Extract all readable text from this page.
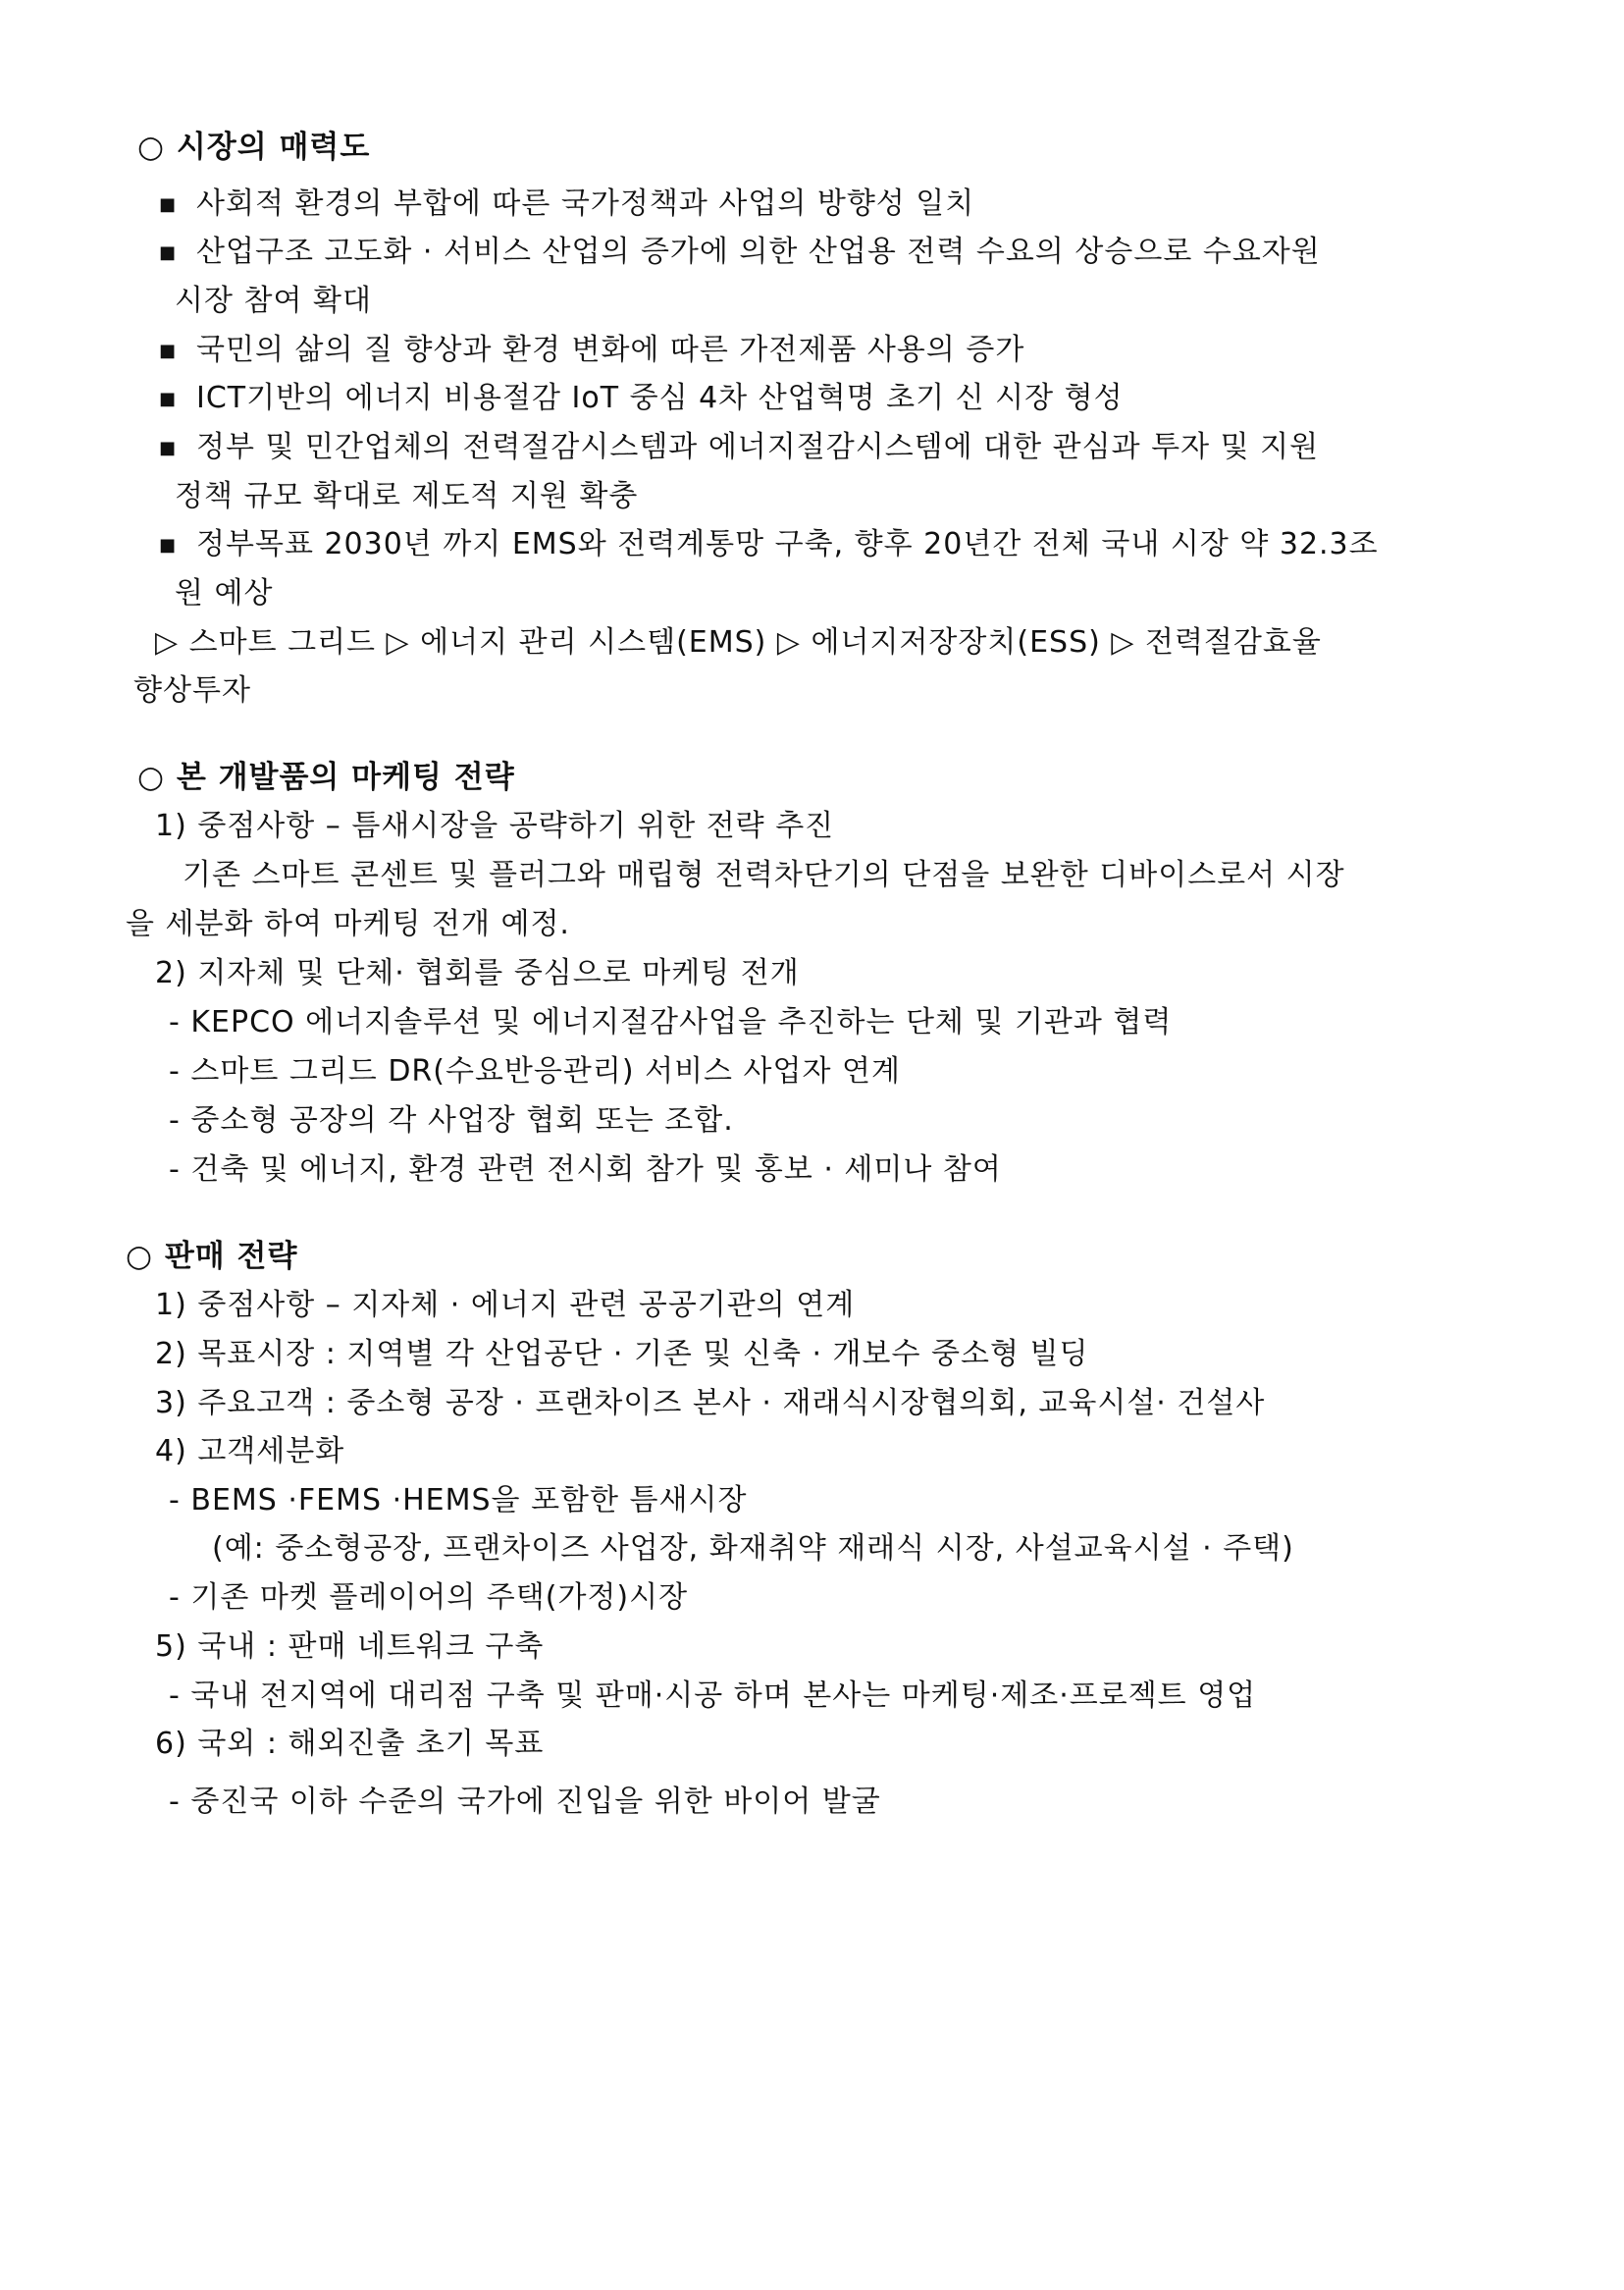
○ 시장의 매력도
■ 사회적 환경의 부합에 따른 국가정책과 사업의 방향성 일치
■ 산업구조 고도화 · 서비스 산업의 증가에 의한 산업용 전력 수요의 상승으로 수요자원
시장 참여 확대
■ 국민의 삶의 질 향상과 환경 변화에 따른 가전제품 사용의 증가
■ ICT기반의 에너지 비용절감 IoT 중심 4차 산업혁명 초기 신 시장 형성
■ 정부 및 민간업체의 전력절감시스템과 에너지절감시스템에 대한 관심과 투자 및 지원
정책 규모 확대로 제도적 지원 확충
■ 정부목표 2030년 까지 EMS와 전력계통망 구축, 향후 20년간 전체 국내 시장 약 32.3조
원 예상
▷ 스마트 그리드 ▷ 에너지 관리 시스템(EMS) ▷ 에너지저장장치(ESS) ▷ 전력절감효율
향상투자
○ 본 개발품의 마케팅 전략
1) 중점사항 – 틈새시장을 공략하기 위한 전략 추진
기존 스마트 콘센트 및 플러그와 매립형 전력차단기의 단점을 보완한 디바이스로서 시장
을 세분화 하여 마케팅 전개 예정.
2) 지자체 및 단체· 협회를 중심으로 마케팅 전개
- KEPCO 에너지솔루션 및 에너지절감사업을 추진하는 단체 및 기관과 협력
- 스마트 그리드 DR(수요반응관리) 서비스 사업자 연계
- 중소형 공장의 각 사업장 협회 또는 조합.
- 건축 및 에너지, 환경 관련 전시회 참가 및 홍보 · 세미나 참여
○ 판매 전략
1) 중점사항 – 지자체 · 에너지 관련 공공기관의 연계
2) 목표시장 : 지역별 각 산업공단 · 기존 및 신축 · 개보수 중소형 빌딩
3) 주요고객 : 중소형 공장 · 프랜차이즈 본사 · 재래식시장협의회, 교육시설· 건설사
4) 고객세분화
- BEMS ·FEMS ·HEMS을 포함한 틈새시장
(예: 중소형공장, 프랜차이즈 사업장, 화재취약 재래식 시장, 사설교육시설 · 주택)
- 기존 마켓 플레이어의 주택(가정)시장
5) 국내 : 판매 네트워크 구축
- 국내 전지역에 대리점 구축 및 판매·시공 하며 본사는 마케팅·제조·프로젝트 영업
6) 국외 : 해외진출 초기 목표
- 중진국 이하 수준의 국가에 진입을 위한 바이어 발굴
